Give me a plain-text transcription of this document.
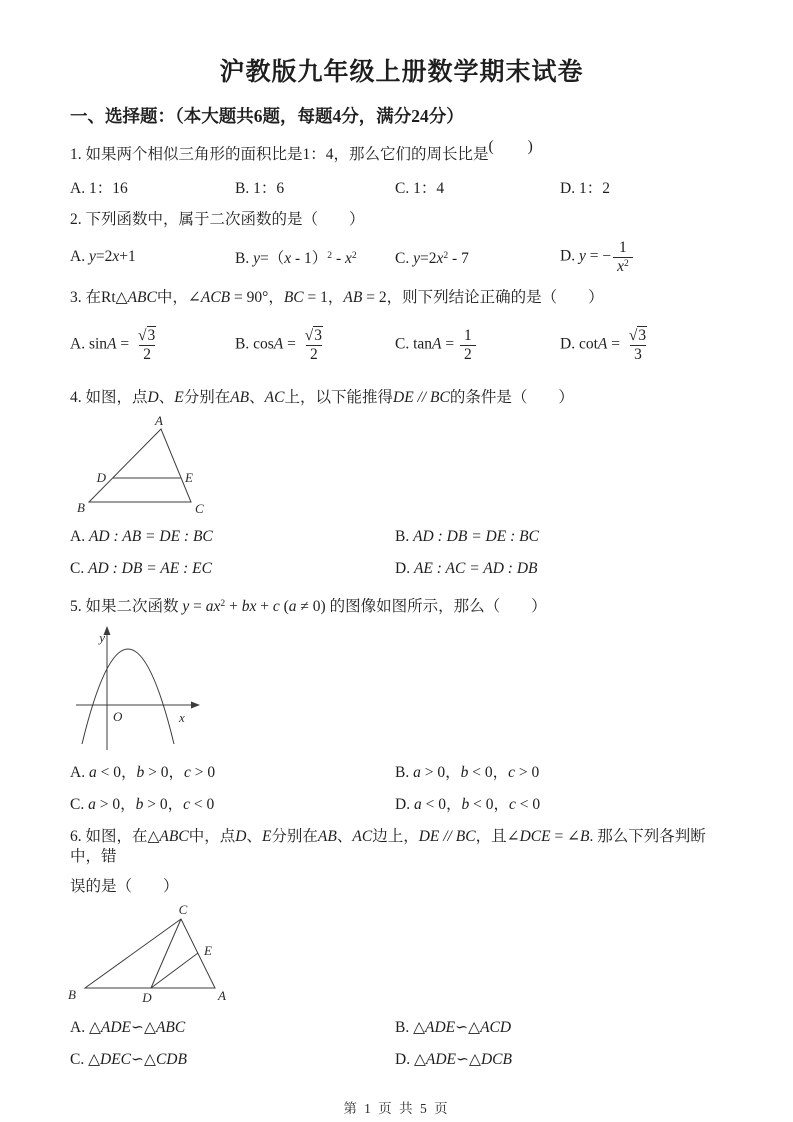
沪教版九年级上册数学期末试卷
一、选择题：（本大题共6题，每题4分，满分24分）
1. 如果两个相似三角形的面积比是1：4，那么它们的周长比是(　　)
A. 1：16	B. 1：6	C. 1：4	D. 1：2
2. 下列函数中，属于二次函数的是（　　）
A. y=2x+1	B. $y=(x - 1)^2 - x^2$	C. $y=2x^2 - 7$	D. y = − $\frac{1}{x^2}$
3. 在Rt△ABC中，∠ACB = 90°，BC = 1，AB = 2，则下列结论正确的是（　　）
A. $\sin A = \frac{√3}{2}$	B. $\cos A = \frac{√3}{2}$	C. $\tan A = \frac{1}{2}$	D. $\cot A = \frac{√3}{3}$
4. 如图，点D、E分别在AB、AC上，以下能推得DE // BC的条件是（　　）
A
B	C
D	E
A. AD : AB = DE : BC	B. AD : DB = DE : BC
C. AD : DB = AE : EC	D. AE : AC = AD : DB
5. 如果二次函数 $y = ax^2$ + bx + c (a ≠ 0) 的图像如图所示，那么（　　）
y
x
O
A. a < 0，b > 0，c > 0	B. a > 0，b < 0，c > 0
C. a > 0，b > 0，c < 0	D. a < 0，b < 0，c < 0
6. 如图，在△ABC中，点D、E分别在AB、AC边上，DE // BC，且∠DCE = ∠B. 那么下列各判断中，错
误的是（　　）
C
B	A
D
E
A. △ADE∽△ABC	B. △ADE∽△ACD
C. △DEC∽△CDB	D. △ADE∽△DCB
第 1 页 共 5 页
